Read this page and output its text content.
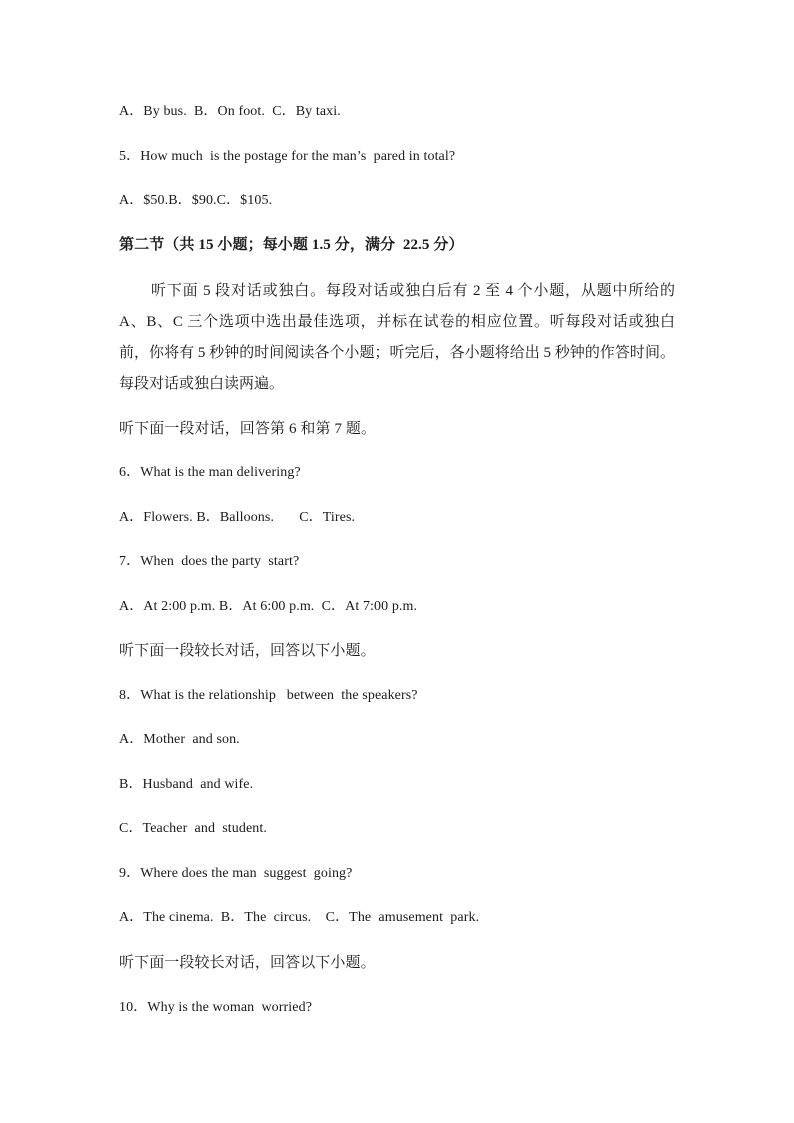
A．By bus.  B．On foot.  C．By taxi.
5．How much  is the postage for the man’s  pared in total?
A．$50.B．$90.C．$105.
第二节（共 15 小题；每小题 1.5 分，满分  22.5 分）
听下面 5 段对话或独白。每段对话或独白后有 2 至 4 个小题，从题中所给的 A、B、C 三个选项中选出最佳选项，并标在试卷的相应位置。听每段对话或独白前，你将有 5 秒钟的时间阅读各个小题；听完后，各小题将给出 5 秒钟的作答时间。每段对话或独白读两遍。
听下面一段对话，回答第 6 和第 7 题。
6．What is the man delivering?
A．Flowers. B．Balloons.       C．Tires.
7．When  does the party  start?
A．At 2:00 p.m. B．At 6:00 p.m.  C．At 7:00 p.m.
听下面一段较长对话，回答以下小题。
8．What is the relationship   between  the speakers?
A．Mother  and son.
B．Husband  and wife.
C．Teacher  and  student.
9．Where does the man  suggest  going?
A．The cinema.  B．The  circus.    C．The  amusement  park.
听下面一段较长对话，回答以下小题。
10．Why is the woman  worried?
